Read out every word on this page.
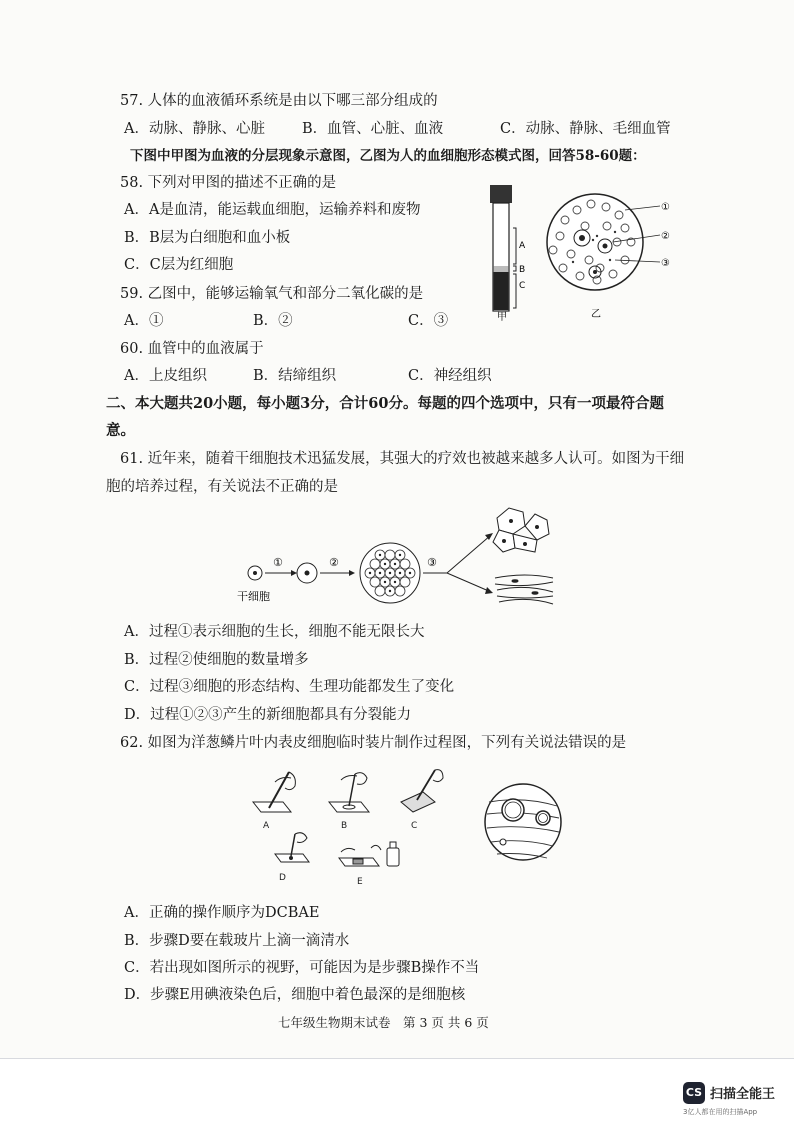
57. 人体的血液循环系统是由以下哪三部分组成的
A．动脉、静脉、心脏	B．血管、心脏、血液	C．动脉、静脉、毛细血管
下图中甲图为血液的分层现象示意图，乙图为人的血细胞形态模式图，回答58-60题：
58. 下列对甲图的描述不正确的是
A．A是血清，能运载血细胞，运输养料和废物
B．B层为白细胞和血小板
C．C层为红细胞
59. 乙图中，能够运输氧气和部分二氧化碳的是
A．①	B．②	C．③
60. 血管中的血液属于
A．上皮组织	B．结缔组织	C．神经组织
A
B
C
甲
①
②
③
乙
二、本大题共20小题，每小题3分，合计60分。每题的四个选项中，只有一项最符合题
意。
61. 近年来，随着干细胞技术迅猛发展，其强大的疗效也被越来越多人认可。如图为干细
胞的培养过程，有关说法不正确的是
①	②	③
干细胞
A．过程①表示细胞的生长，细胞不能无限长大
B．过程②使细胞的数量增多
C．过程③细胞的形态结构、生理功能都发生了变化
D．过程①②③产生的新细胞都具有分裂能力
62. 如图为洋葱鳞片叶内表皮细胞临时装片制作过程图，下列有关说法错误的是
A	B	C
D	E
A．正确的操作顺序为DCBAE
B．步骤D要在载玻片上滴一滴清水
C．若出现如图所示的视野，可能因为是步骤B操作不当
D．步骤E用碘液染色后，细胞中着色最深的是细胞核
七年级生物期末试卷　第 3 页 共 6 页
CS 扫描全能王
3亿人都在用的扫描App
